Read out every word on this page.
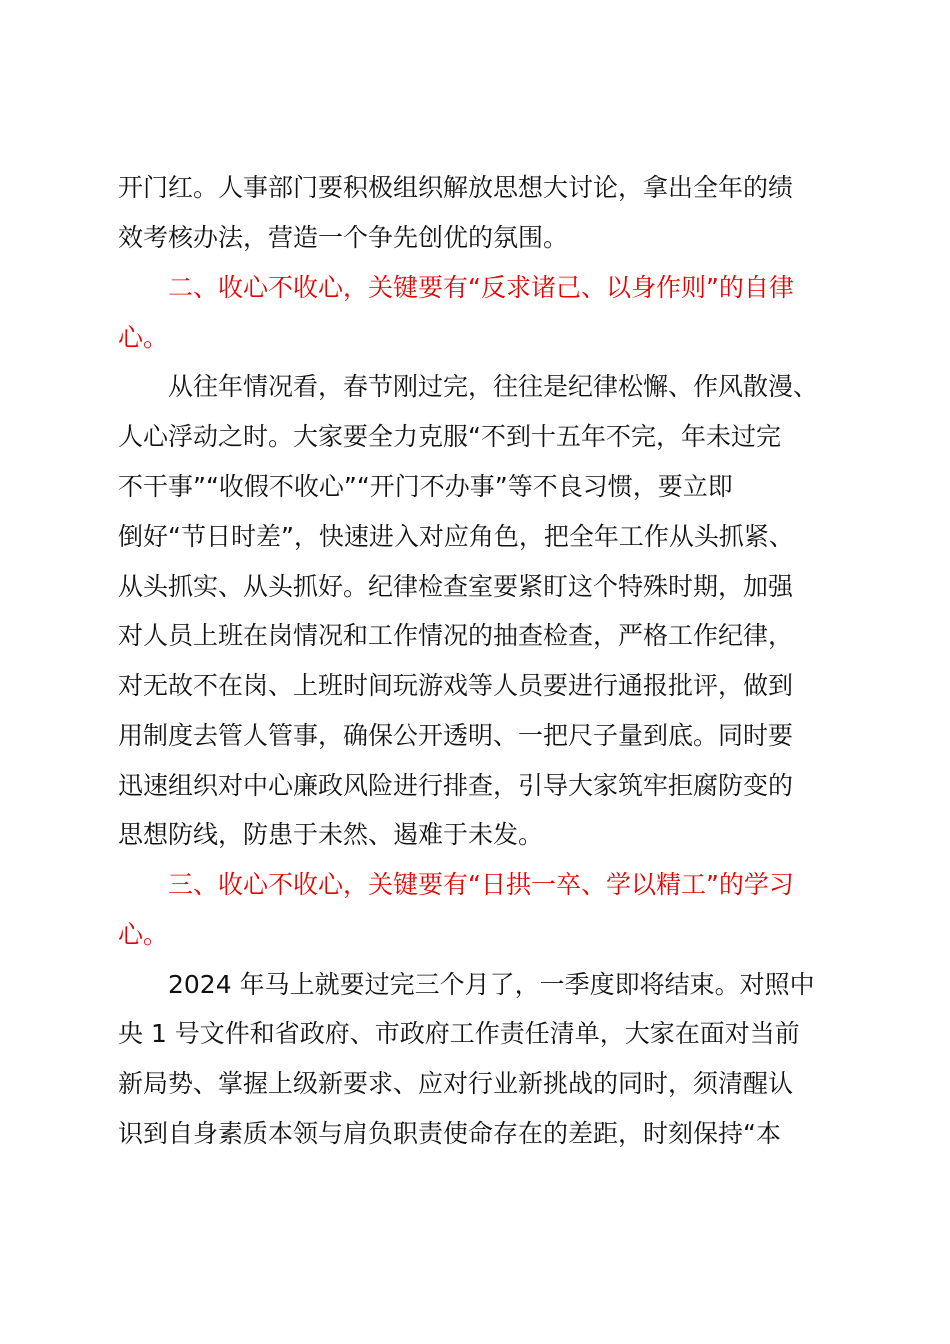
开门红。人事部门要积极组织解放思想大讨论，拿出全年的绩
效考核办法，营造一个争先创优的氛围。
　　二、收心不收心，关键要有“反求诸己、以身作则”的自律
心。
　　从往年情况看，春节刚过完，往往是纪律松懈、作风散漫、
人心浮动之时。大家要全力克服“不到十五年不完，年未过完
不干事”“收假不收心”“开门不办事”等不良习惯，要立即
倒好“节日时差”，快速进入对应角色，把全年工作从头抓紧、
从头抓实、从头抓好。纪律检查室要紧盯这个特殊时期，加强
对人员上班在岗情况和工作情况的抽查检查，严格工作纪律，
对无故不在岗、上班时间玩游戏等人员要进行通报批评，做到
用制度去管人管事，确保公开透明、一把尺子量到底。同时要
迅速组织对中心廉政风险进行排查，引导大家筑牢拒腐防变的
思想防线，防患于未然、遏难于未发。
　　三、收心不收心，关键要有“日拱一卒、学以精工”的学习
心。
　　2024 年马上就要过完三个月了，一季度即将结束。对照中
央 1 号文件和省政府、市政府工作责任清单，大家在面对当前
新局势、掌握上级新要求、应对行业新挑战的同时，须清醒认
识到自身素质本领与肩负职责使命存在的差距，时刻保持“本
